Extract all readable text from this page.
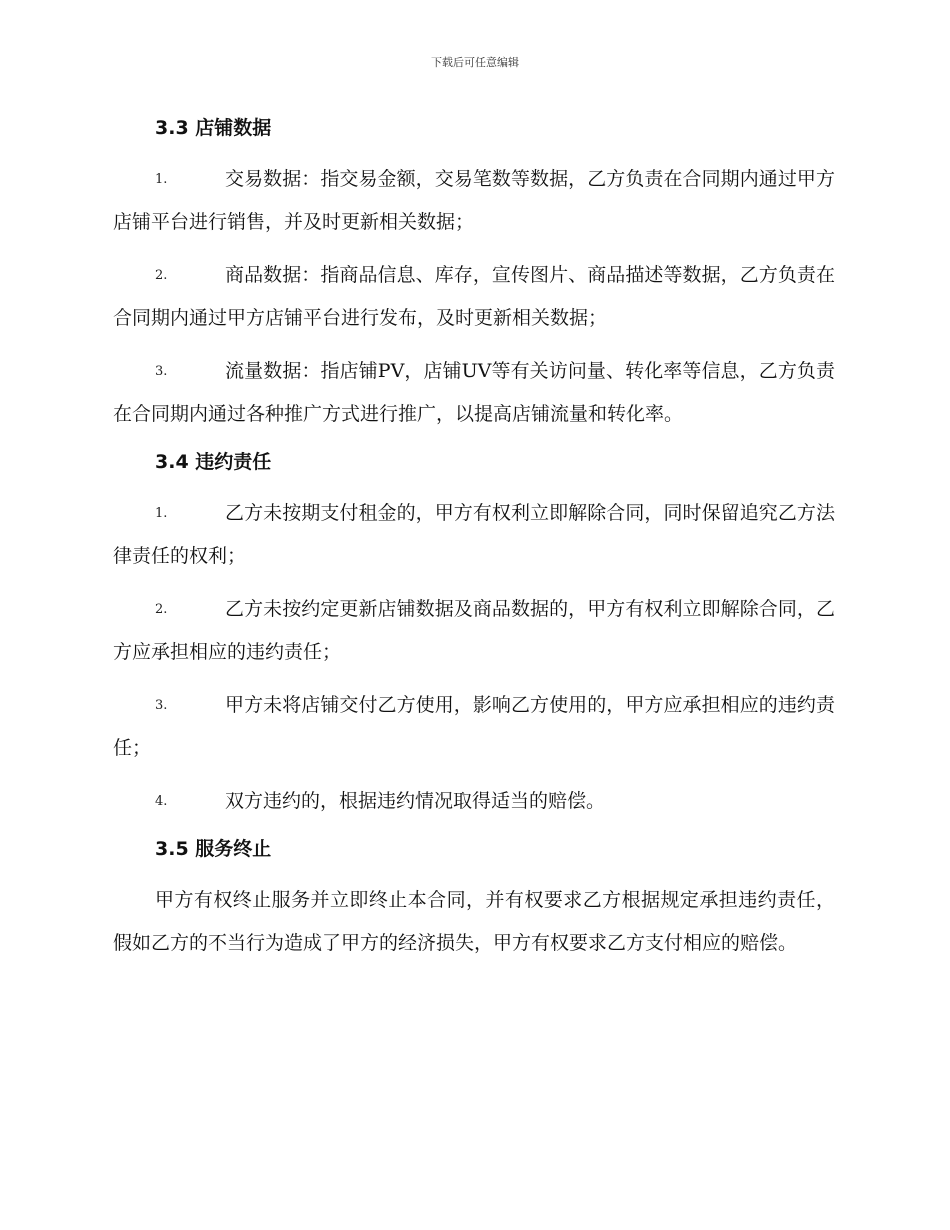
下载后可任意编辑
3.3 店铺数据
1.	交易数据：指交易金额，交易笔数等数据，乙方负责在合同期内通过甲方店铺平台进行销售，并及时更新相关数据；
2.	商品数据：指商品信息、库存，宣传图片、商品描述等数据，乙方负责在合同期内通过甲方店铺平台进行发布，及时更新相关数据；
3.	流量数据：指店铺PV，店铺UV等有关访问量、转化率等信息，乙方负责在合同期内通过各种推广方式进行推广，以提高店铺流量和转化率。
3.4 违约责任
1.	乙方未按期支付租金的，甲方有权利立即解除合同，同时保留追究乙方法律责任的权利；
2.	乙方未按约定更新店铺数据及商品数据的，甲方有权利立即解除合同，乙方应承担相应的违约责任；
3.	甲方未将店铺交付乙方使用，影响乙方使用的，甲方应承担相应的违约责任；
4.	双方违约的，根据违约情况取得适当的赔偿。
3.5 服务终止

甲方有权终止服务并立即终止本合同，并有权要求乙方根据规定承担违约责任，假如乙方的不当行为造成了甲方的经济损失，甲方有权要求乙方支付相应的赔偿。
